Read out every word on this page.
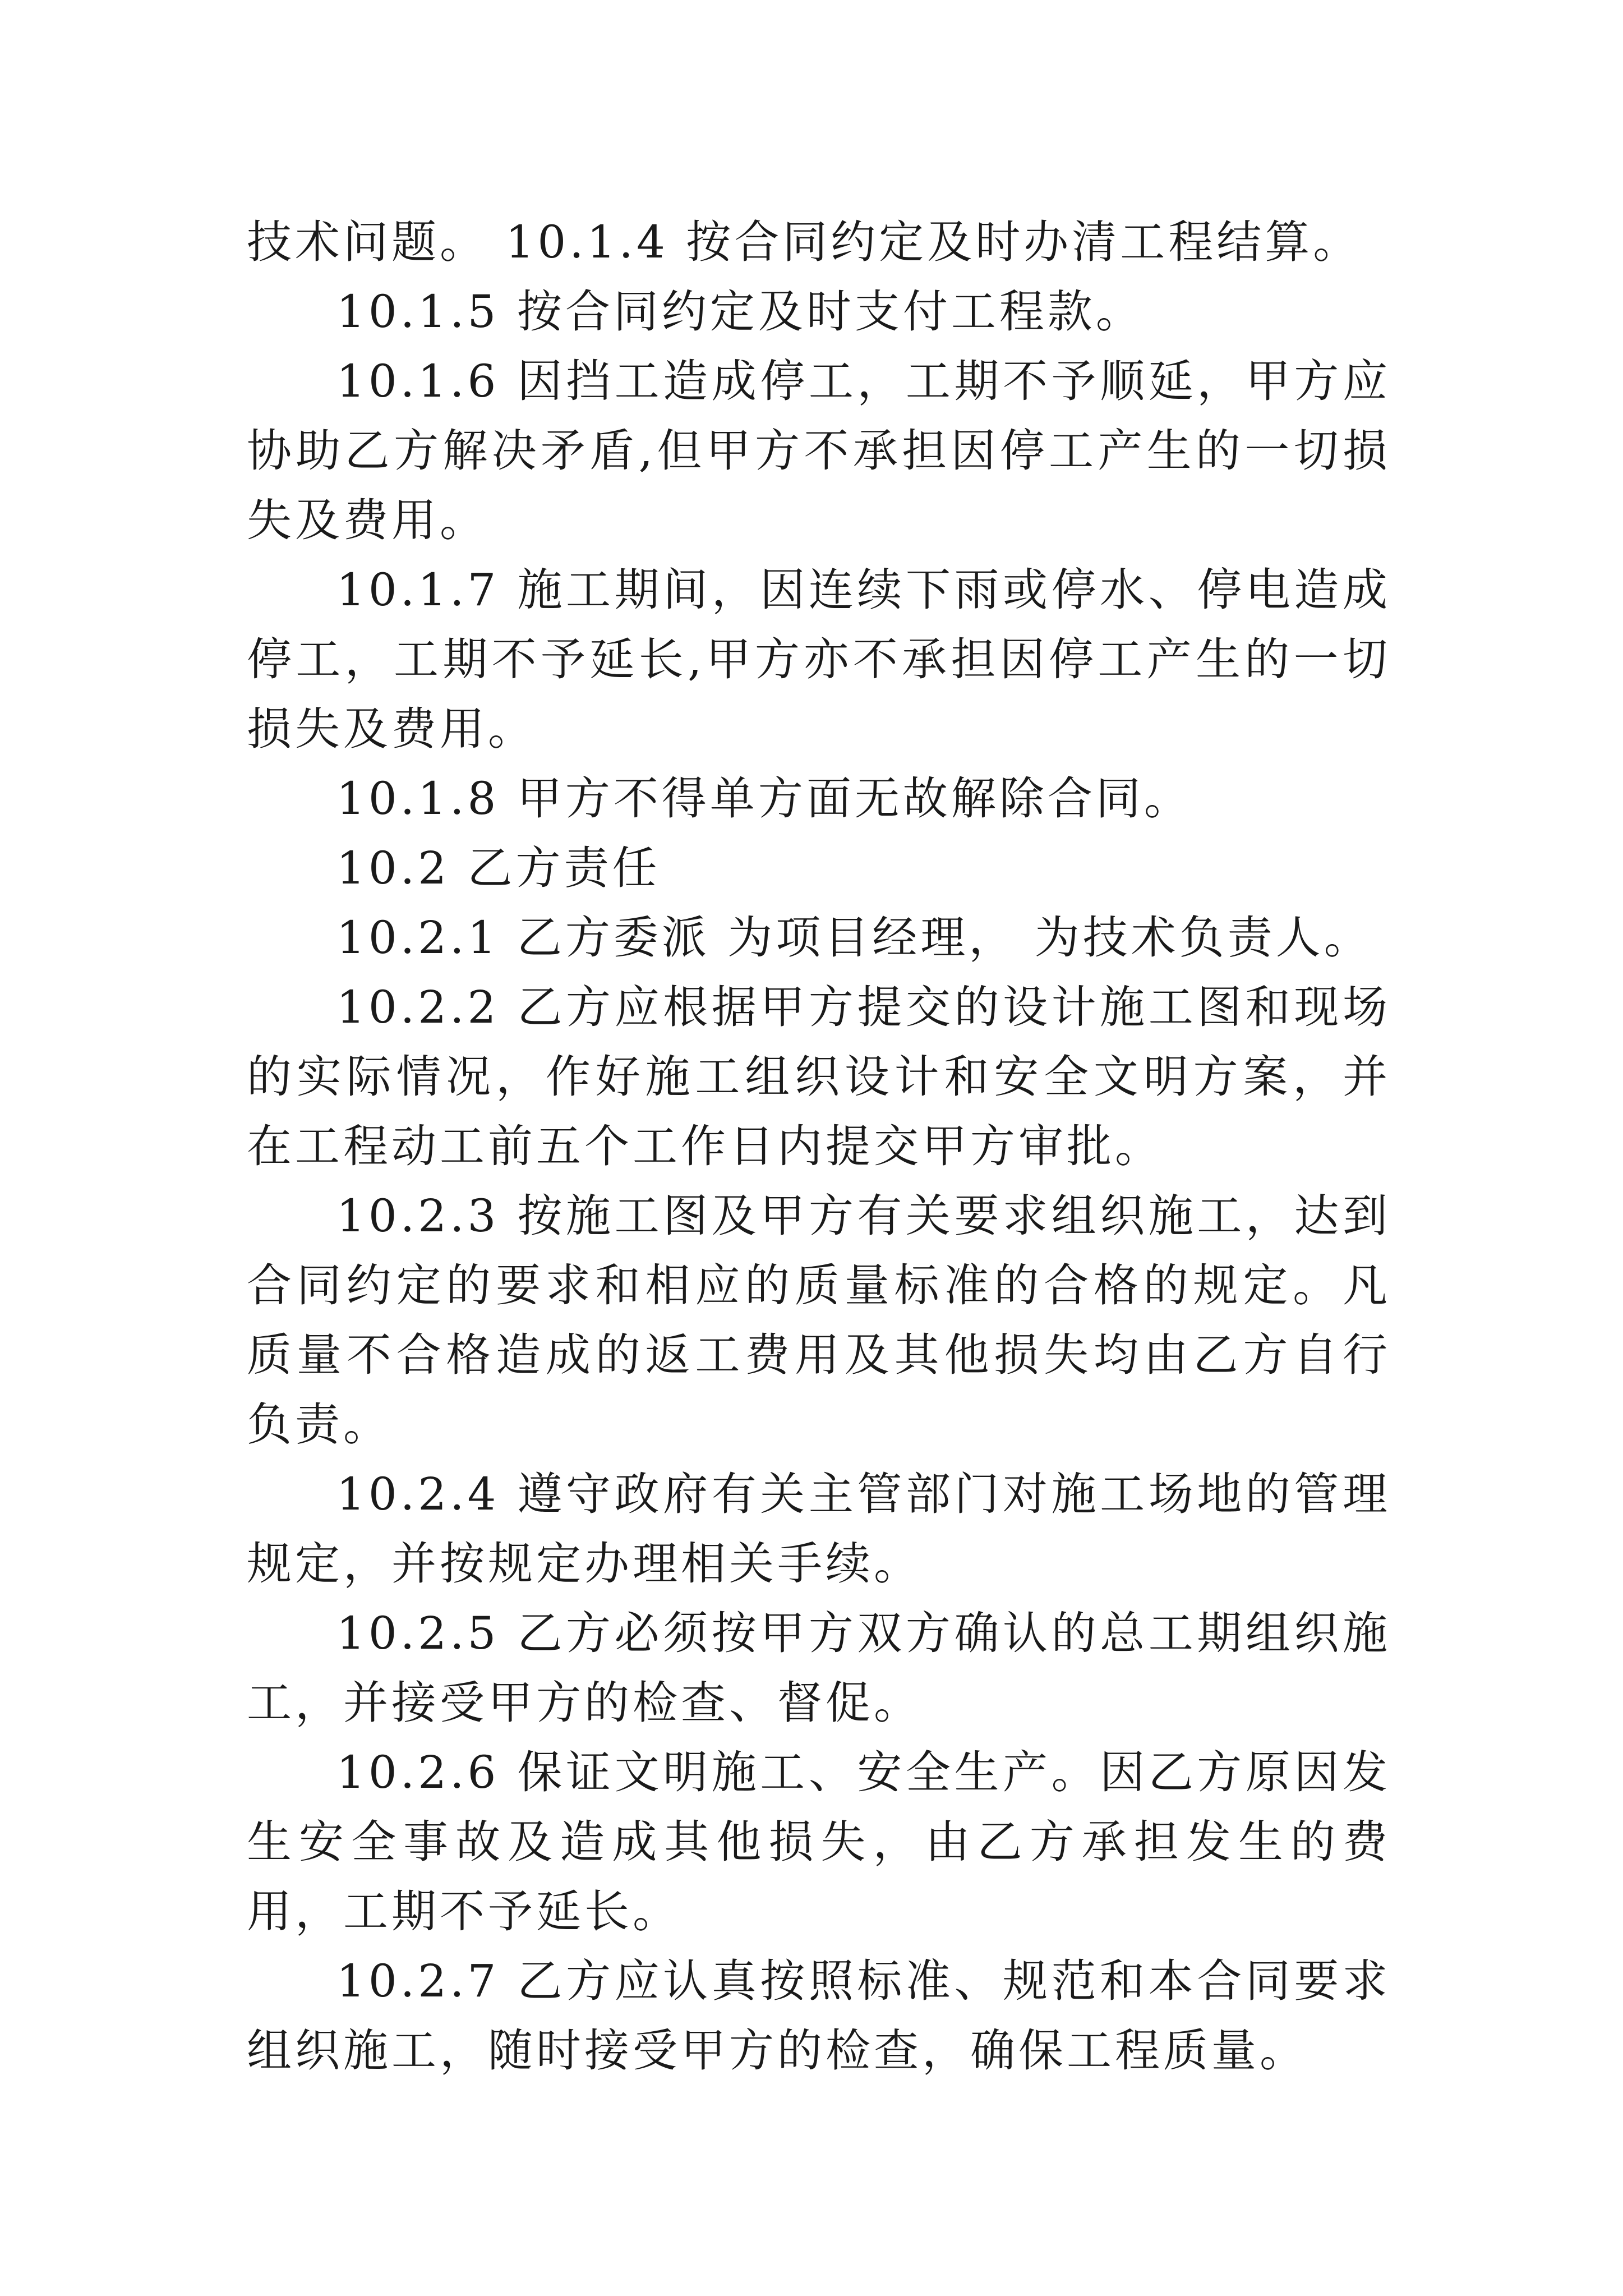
技术问题。 10.1.4 按合同约定及时办清工程结算。

10.1.5 按合同约定及时支付工程款。

10.1.6 因挡工造成停工，工期不予顺延，甲方应协助乙方解决矛盾,但甲方不承担因停工产生的一切损失及费用。

10.1.7 施工期间，因连续下雨或停水、停电造成停工，工期不予延长,甲方亦不承担因停工产生的一切损失及费用。

10.1.8 甲方不得单方面无故解除合同。

10.2 乙方责任

10.2.1 乙方委派 为项目经理， 为技术负责人。

10.2.2 乙方应根据甲方提交的设计施工图和现场的实际情况，作好施工组织设计和安全文明方案，并在工程动工前五个工作日内提交甲方审批。

10.2.3 按施工图及甲方有关要求组织施工，达到合同约定的要求和相应的质量标准的合格的规定。凡质量不合格造成的返工费用及其他损失均由乙方自行负责。

10.2.4 遵守政府有关主管部门对施工场地的管理规定，并按规定办理相关手续。

10.2.5 乙方必须按甲方双方确认的总工期组织施工，并接受甲方的检查、督促。

10.2.6 保证文明施工、安全生产。因乙方原因发生安全事故及造成其他损失，由乙方承担发生的费用，工期不予延长。

10.2.7 乙方应认真按照标准、规范和本合同要求组织施工，随时接受甲方的检查，确保工程质量。
